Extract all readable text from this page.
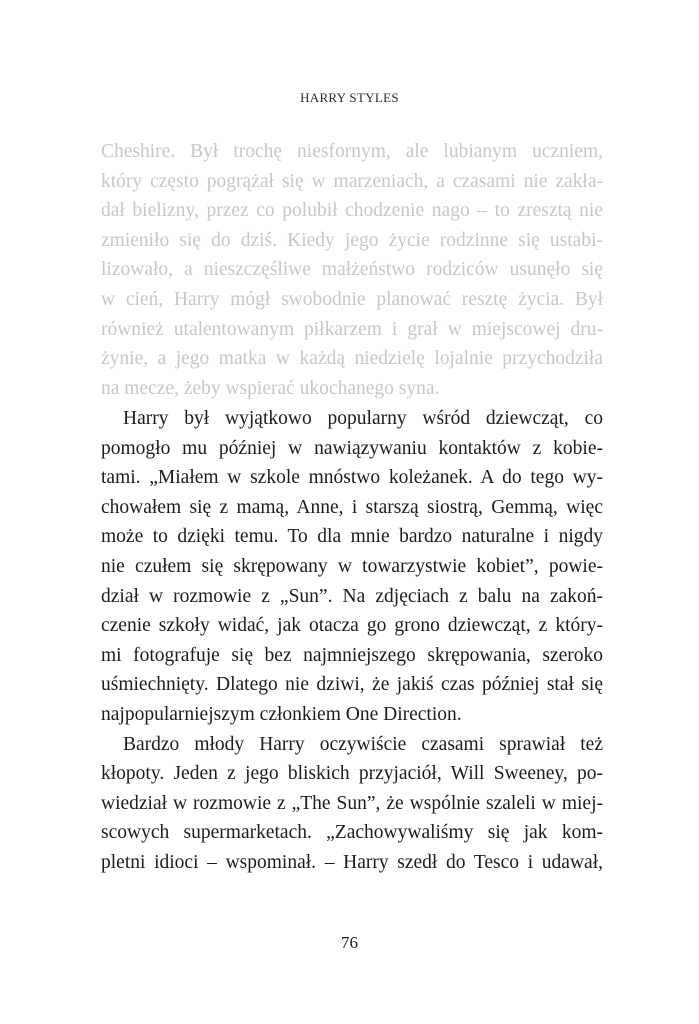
HARRY STYLES
Cheshire. Był trochę niesfornym, ale lubianym uczniem,
który często pogrążał się w marzeniach, a czasami nie zakła-
dał bielizny, przez co polubił chodzenie nago – to zresztą nie
zmieniło się do dziś. Kiedy jego życie rodzinne się ustabi-
lizowało, a nieszczęśliwe małżeństwo rodziców usunęło się
w cień, Harry mógł swobodnie planować resztę życia. Był
również utalentowanym piłkarzem i grał w miejscowej dru-
żynie, a jego matka w każdą niedzielę lojalnie przychodziła
na mecze, żeby wspierać ukochanego syna.
Harry był wyjątkowo popularny wśród dziewcząt, co
pomogło mu później w nawiązywaniu kontaktów z kobie-
tami. „Miałem w szkole mnóstwo koleżanek. A do tego wy-
chowałem się z mamą, Anne, i starszą siostrą, Gemmą, więc
może to dzięki temu. To dla mnie bardzo naturalne i nigdy
nie czułem się skrępowany w towarzystwie kobiet”, powie-
dział w rozmowie z „Sun”. Na zdjęciach z balu na zakoń-
czenie szkoły widać, jak otacza go grono dziewcząt, z który-
mi fotografuje się bez najmniejszego skrępowania, szeroko
uśmiechnięty. Dlatego nie dziwi, że jakiś czas później stał się
najpopularniejszym członkiem One Direction.
Bardzo młody Harry oczywiście czasami sprawiał też
kłopoty. Jeden z jego bliskich przyjaciół, Will Sweeney, po-
wiedział w rozmowie z „The Sun”, że wspólnie szaleli w miej-
scowych supermarketach. „Zachowywaliśmy się jak kom-
pletni idioci – wspominał. – Harry szedł do Tesco i udawał,
76
